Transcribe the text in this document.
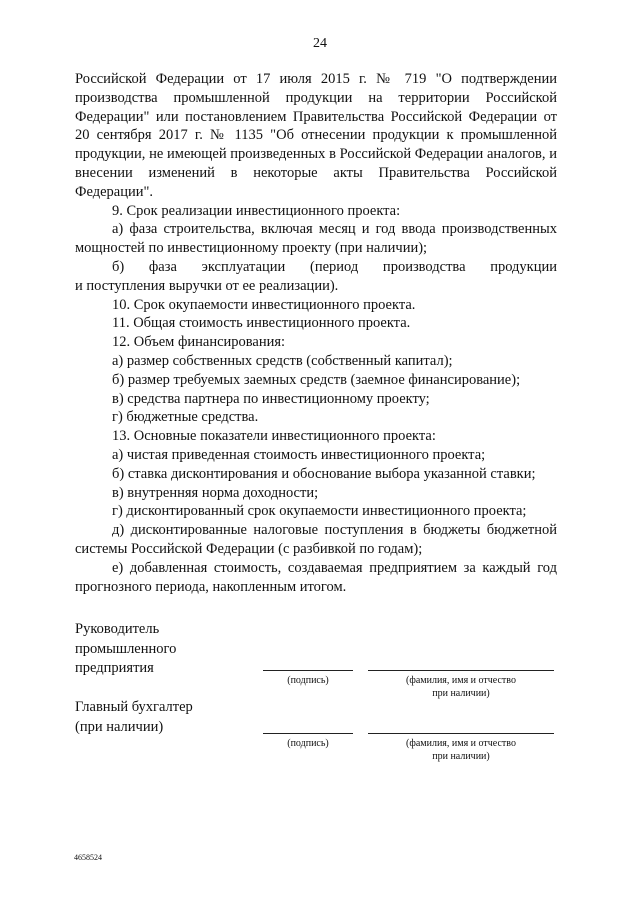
24

Российской Федерации от 17 июля 2015 г. № 719 "О подтверждении производства промышленной продукции на территории Российской Федерации" или постановлением Правительства Российской Федерации от 20 сентября 2017 г. № 1135 "Об отнесении продукции к промышленной продукции, не имеющей произведенных в Российской Федерации аналогов, и внесении изменений в некоторые акты Правительства Российской Федерации".

9. Срок реализации инвестиционного проекта:

а) фаза строительства, включая месяц и год ввода производственных мощностей по инвестиционному проекту (при наличии);

б) фаза эксплуатации (период производства продукции

и поступления выручки от ее реализации).

10. Срок окупаемости инвестиционного проекта.

11. Общая стоимость инвестиционного проекта.

12. Объем финансирования:

а) размер собственных средств (собственный капитал);

б) размер требуемых заемных средств (заемное финансирование);

в) средства партнера по инвестиционному проекту;

г) бюджетные средства.

13. Основные показатели инвестиционного проекта:

а) чистая приведенная стоимость инвестиционного проекта;

б) ставка дисконтирования и обоснование выбора указанной ставки;

в) внутренняя норма доходности;

г) дисконтированный срок окупаемости инвестиционного проекта;

д) дисконтированные налоговые поступления в бюджеты бюджетной системы Российской Федерации (с разбивкой по годам);

е) добавленная стоимость, создаваемая предприятием за каждый год прогнозного периода, накопленным итогом.

Руководитель
промышленного
предприятия
(подпись)	(фамилия, имя и отчество
при наличии)
Главный бухгалтер
(при наличии)
(подпись)	(фамилия, имя и отчество
при наличии)
4658524
